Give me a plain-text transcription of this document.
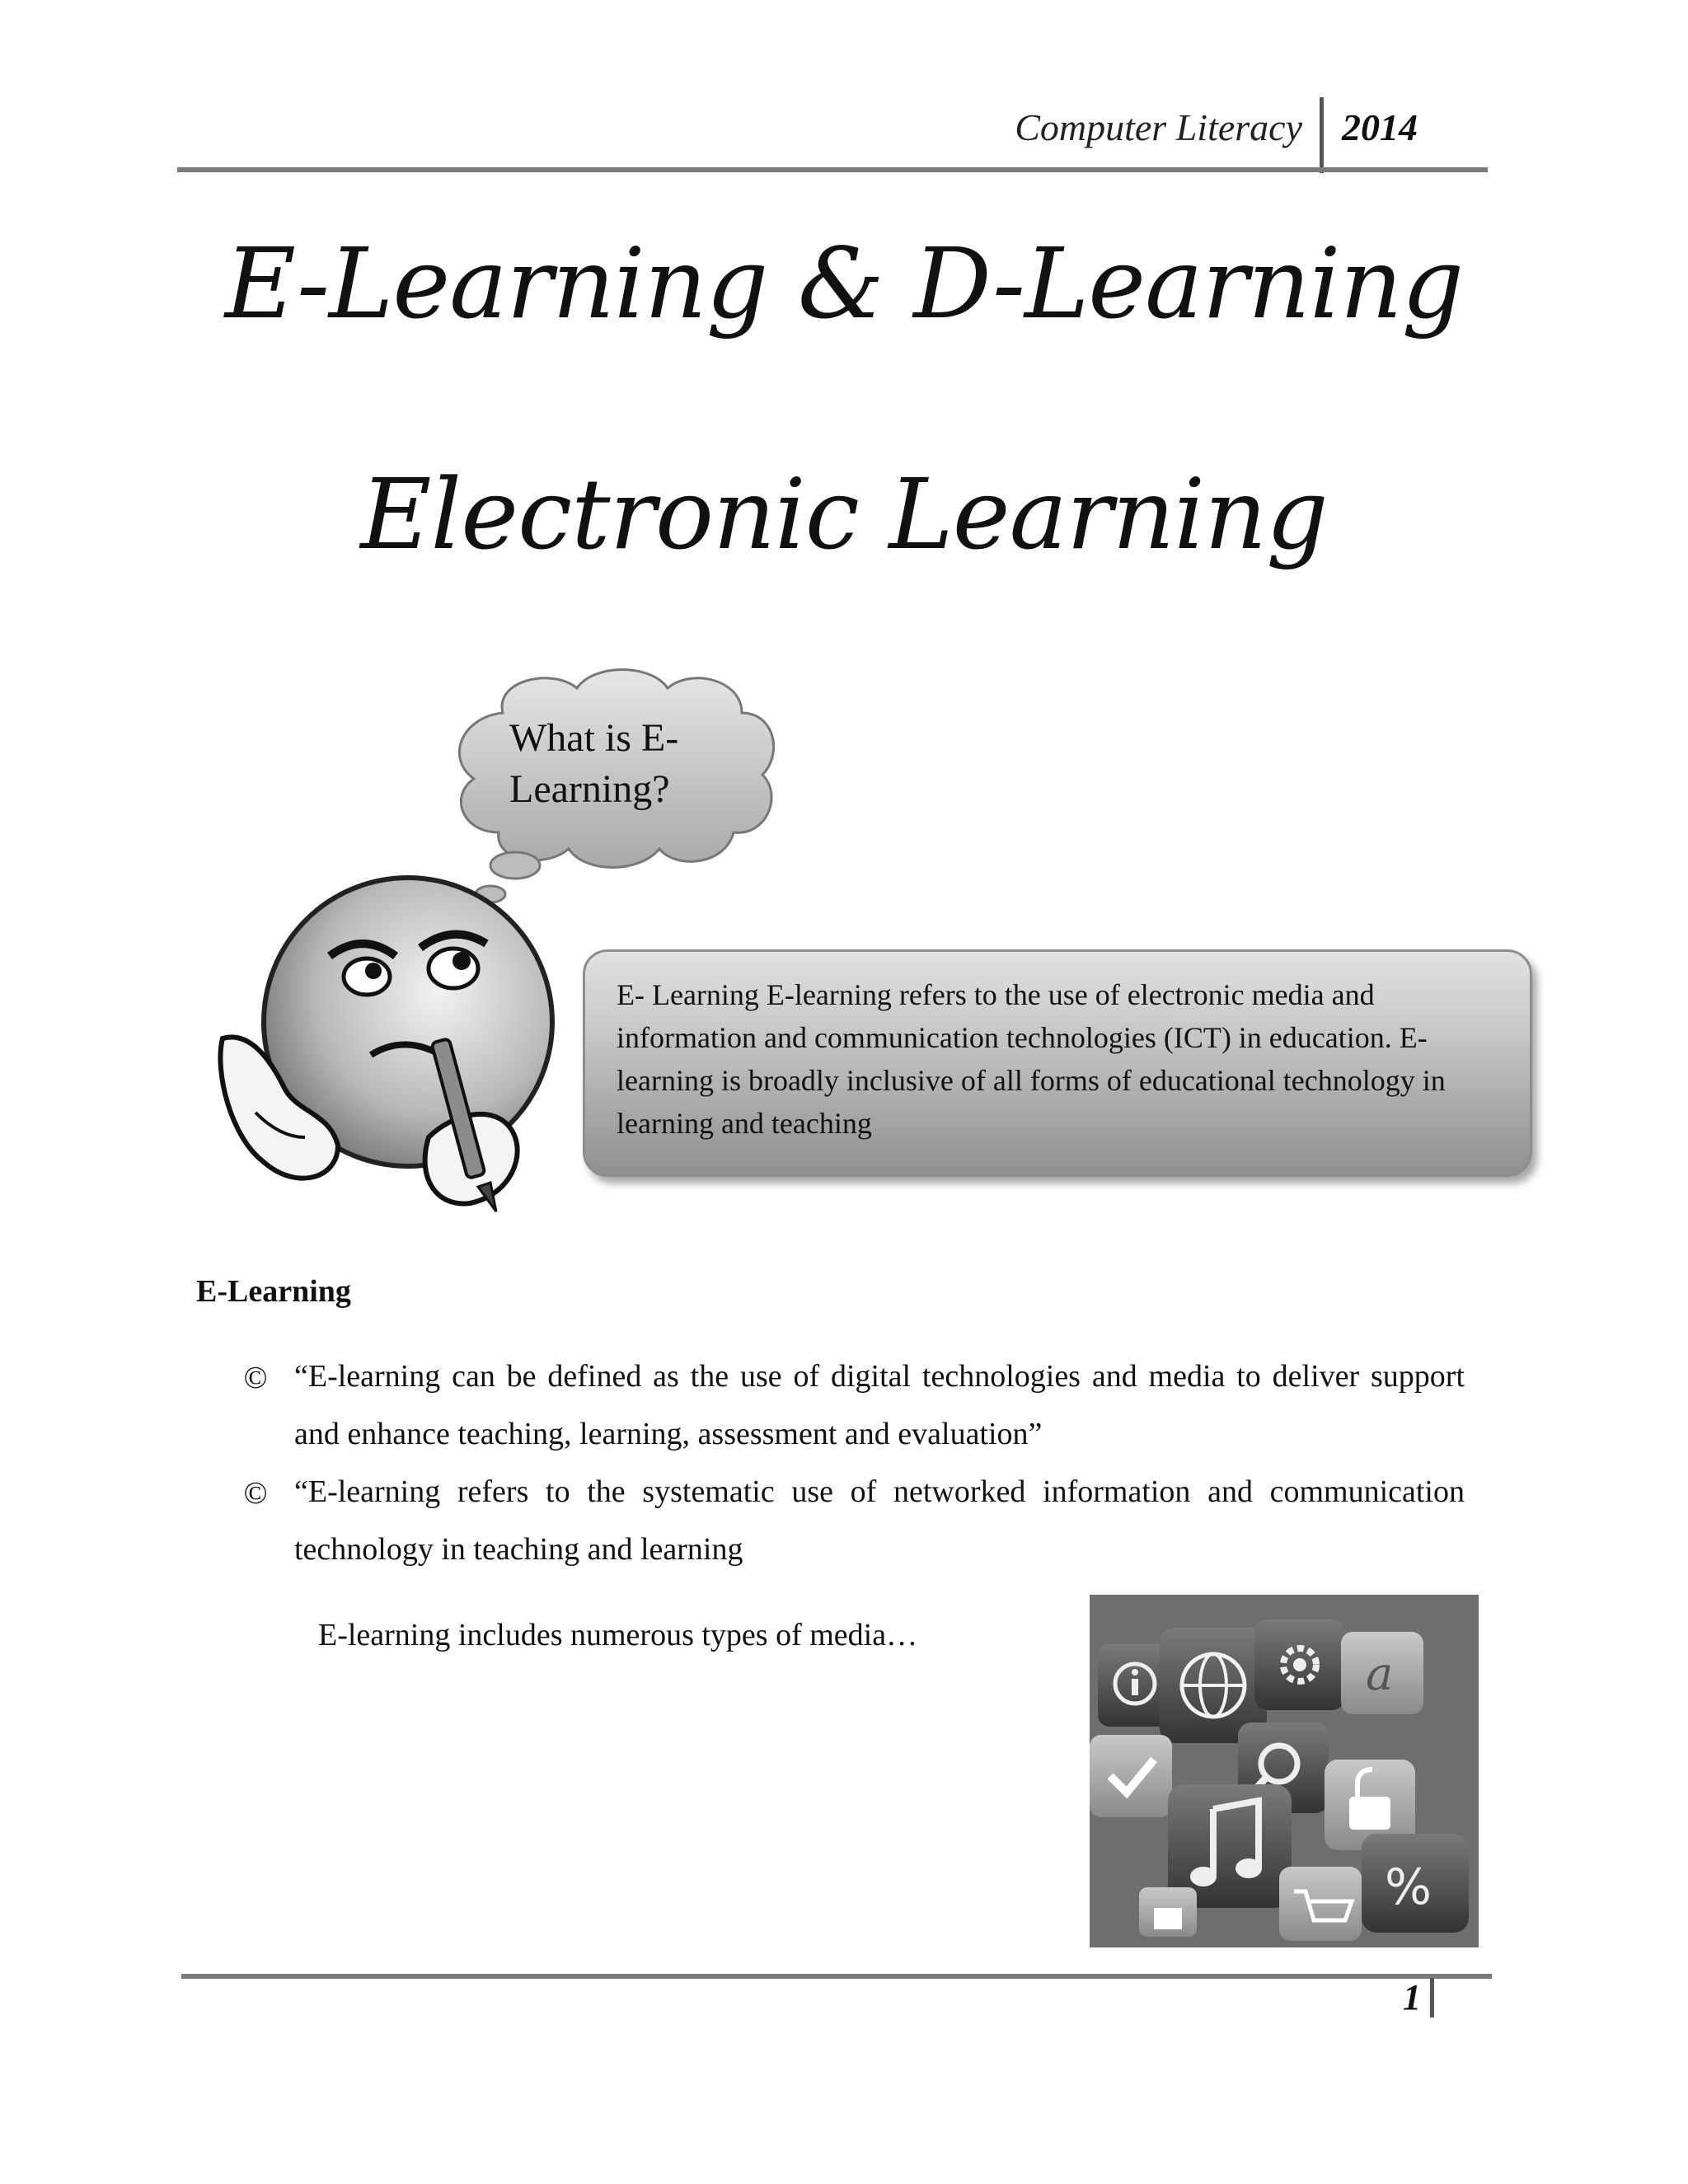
Computer Literacy 2014
E-Learning & D-Learning
Electronic Learning
What is E-
Learning?
E- Learning E-learning refers to the use of electronic media and information and communication technologies (ICT) in education. E-learning is broadly inclusive of all forms of educational technology in learning and teaching
E-Learning
© “E-learning can be defined as the use of digital technologies and media to deliver support and enhance teaching, learning, assessment and evaluation”
© “E-learning refers to the systematic use of networked information and communication technology in teaching and learning
E-learning includes numerous types of media…
a
%
1
